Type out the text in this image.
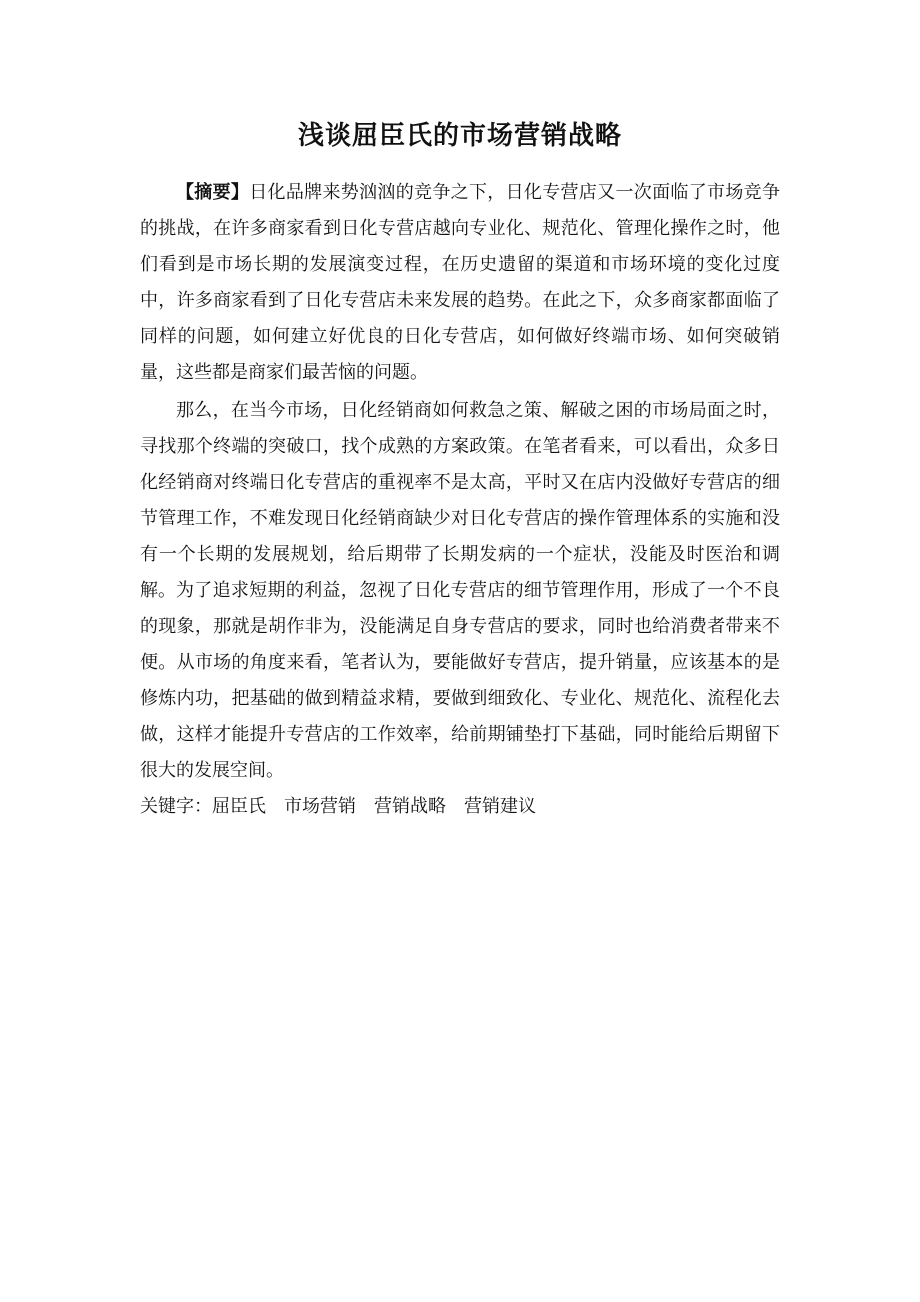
浅谈屈臣氏的市场营销战略

【摘要】日化品牌来势汹汹的竞争之下，日化专营店又一次面临了市场竞争的挑战，在许多商家看到日化专营店越向专业化、规范化、管理化操作之时，他们看到是市场长期的发展演变过程，在历史遗留的渠道和市场环境的变化过度中，许多商家看到了日化专营店未来发展的趋势。在此之下，众多商家都面临了同样的问题，如何建立好优良的日化专营店，如何做好终端市场、如何突破销量，这些都是商家们最苦恼的问题。

那么，在当今市场，日化经销商如何救急之策、解破之困的市场局面之时，寻找那个终端的突破口，找个成熟的方案政策。在笔者看来，可以看出，众多日化经销商对终端日化专营店的重视率不是太高，平时又在店内没做好专营店的细节管理工作，不难发现日化经销商缺少对日化专营店的操作管理体系的实施和没有一个长期的发展规划，给后期带了长期发病的一个症状，没能及时医治和调解。 为了追求短期的利益，忽视了日化专营店的细节管理作用，形成了一个不良的现象，那就是胡作非为，没能满足自身专营店的要求，同时也给消费者带来不便。从市场的角度来看，笔者认为，要能做好专营店，提升销量，应该基本的是修炼内功，把基础的做到精益求精，要做到细致化、专业化、规范化、流程化去做，这样才能提升专营店的工作效率，给前期铺垫打下基础，同时能给后期留下很大的发展空间。

关键字：屈臣氏 市场营销 营销战略 营销建议
